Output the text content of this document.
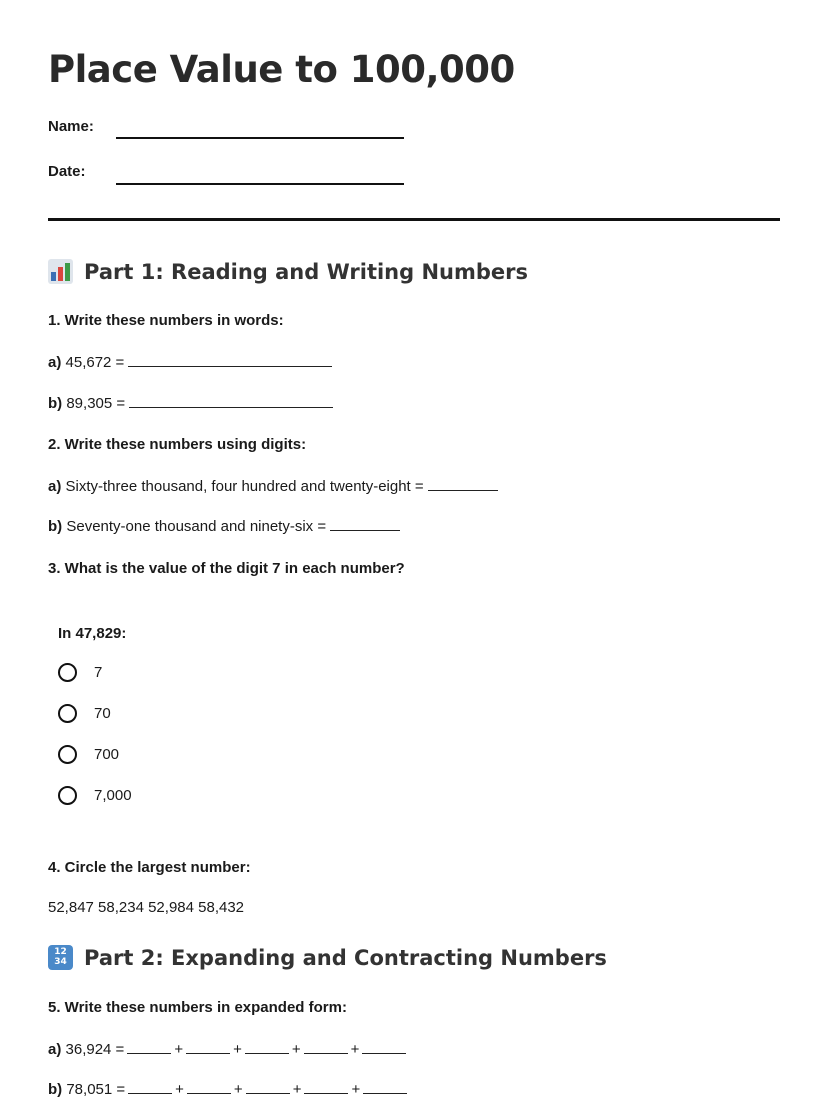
Place Value to 100,000
Name:
Date:
Part 1: Reading and Writing Numbers
1. Write these numbers in words:
a) 45,672 =
b) 89,305 =
2. Write these numbers using digits:
a) Sixty-three thousand, four hundred and twenty-eight =
b) Seventy-one thousand and ninety-six =
3. What is the value of the digit 7 in each number?
In 47,829:
7
70
700
7,000
4. Circle the largest number:
52,847 58,234 52,984 58,432
12
34 Part 2: Expanding and Contracting Numbers
5. Write these numbers in expanded form:
a) 36,924 =	+	+	+	+
b) 78,051 =	+	+	+	+
